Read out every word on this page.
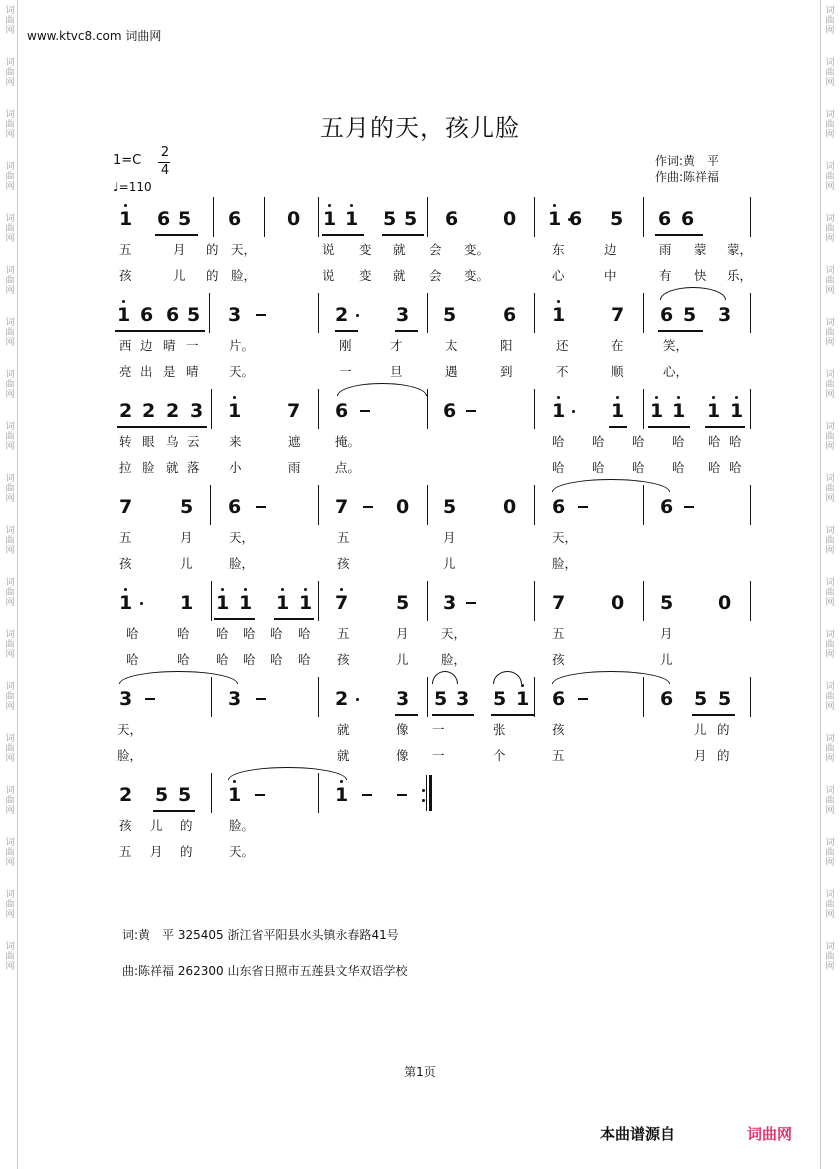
词
曲
网
词
曲
网
词
曲
网
词
曲
网
词
曲
网
词
曲
网
词
曲
网
词
曲
网
词
曲
网
词
曲
网
词
曲
网
词
曲
网
词
曲
网
词
曲
网
词
曲
网
词
曲
网
词
曲
网
词
曲
网
词
曲
网
词
曲
网
词
曲
网
词
曲
网
词
曲
网
词
曲
网
词
曲
网
词
曲
网
词
曲
网
词
曲
网
词
曲
网
词
曲
网
词
曲
网
词
曲
网
词
曲
网
词
曲
网
词
曲
网
词
曲
网
词
曲
网
词
曲
网
www.ktvc8.com 词曲网
五月的天，孩儿脸
1=C
2
4
♩=110
作词:黄　平
作曲:陈祥福
1 6 5 6 0 1 1 5 5 6 0 1 6 5 6 6
五	月 的 天，	说 变 就 会 变。	东	边	雨 蒙 蒙，
孩	儿 的 脸，	说 变 就 会 变。	心	中	有 快 乐，
1 6 6 5 3	2	3 5 6 1 7 6 5 3
西 边 晴 一 片。	刚	才	太	阳	还	在	笑，
亮 出 是 晴 天。	一	旦	遇	到	不	顺	心，
2 2 2 3 1 7 6	6	1 1 1 1 1 1
转 眼 乌 云 来	遮	掩。	哈 哈 哈 哈 哈 哈
拉 脸 就 落 小	雨	点。	哈 哈 哈 哈 哈 哈
7	5 6	7	0 5 0 6	6
五	月	天，	五	月	天，
孩	儿	脸，	孩	儿	脸，
1	1 1 1 1 1 7	5 3	7 0 5 0
哈	哈 哈 哈 哈 哈 五	月	天，	五	月
哈	哈 哈 哈 哈 哈 孩	儿	脸，	孩	儿
3	3	2	3 5 3 5 1 6	6 5 5
天，	就	像 一	张	孩	儿 的
脸，	就	像 一	个	五	月 的
2 5 5 1	1
孩 儿 的	脸。
五 月 的	天。
词:黄　平 325405 浙江省平阳县水头镇永春路41号
曲:陈祥福 262300 山东省日照市五莲县文华双语学校
第1页
本曲谱源自	词曲网
